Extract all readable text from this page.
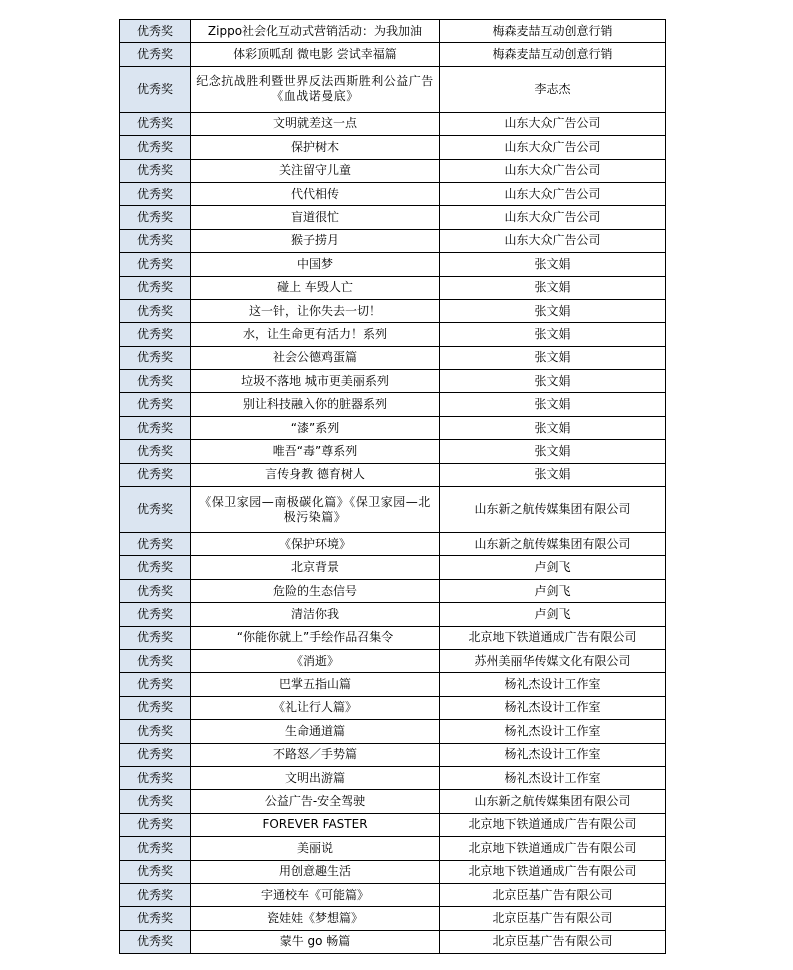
优秀奖	Zippo社会化互动式营销活动：为我加油	梅森麦喆互动创意行销
优秀奖	体彩顶呱刮 微电影 尝试幸福篇	梅森麦喆互动创意行销
优秀奖	纪念抗战胜利暨世界反法西斯胜利公益广告《血战诺曼底》	李志杰
优秀奖	文明就差这一点	山东大众广告公司
优秀奖	保护树木	山东大众广告公司
优秀奖	关注留守儿童	山东大众广告公司
优秀奖	代代相传	山东大众广告公司
优秀奖	盲道很忙	山东大众广告公司
优秀奖	猴子捞月	山东大众广告公司
优秀奖	中国梦	张文娟
优秀奖	碰上 车毁人亡	张文娟
优秀奖	这一针，让你失去一切！	张文娟
优秀奖	水，让生命更有活力！系列	张文娟
优秀奖	社会公德鸡蛋篇	张文娟
优秀奖	垃圾不落地 城市更美丽系列	张文娟
优秀奖	别让科技融入你的脏器系列	张文娟
优秀奖	“漆”系列	张文娟
优秀奖	唯吾“毒”尊系列	张文娟
优秀奖	言传身教 德育树人	张文娟
优秀奖	《保卫家园—南极碳化篇》《保卫家园—北极污染篇》	山东新之航传媒集团有限公司
优秀奖	《保护环境》	山东新之航传媒集团有限公司
优秀奖	北京背景	卢剑飞
优秀奖	危险的生态信号	卢剑飞
优秀奖	清洁你我	卢剑飞
优秀奖	“你能你就上”手绘作品召集令	北京地下铁道通成广告有限公司
优秀奖	《消逝》	苏州美丽华传媒文化有限公司
优秀奖	巴掌五指山篇	杨礼杰设计工作室
优秀奖	《礼让行人篇》	杨礼杰设计工作室
优秀奖	生命通道篇	杨礼杰设计工作室
优秀奖	不路怒／手势篇	杨礼杰设计工作室
优秀奖	文明出游篇	杨礼杰设计工作室
优秀奖	公益广告-安全驾驶	山东新之航传媒集团有限公司
优秀奖	FOREVER FASTER	北京地下铁道通成广告有限公司
优秀奖	美丽说	北京地下铁道通成广告有限公司
优秀奖	用创意趣生活	北京地下铁道通成广告有限公司
优秀奖	宇通校车《可能篇》	北京臣基广告有限公司
优秀奖	瓷娃娃《梦想篇》	北京臣基广告有限公司
优秀奖	蒙牛 go 畅篇	北京臣基广告有限公司
